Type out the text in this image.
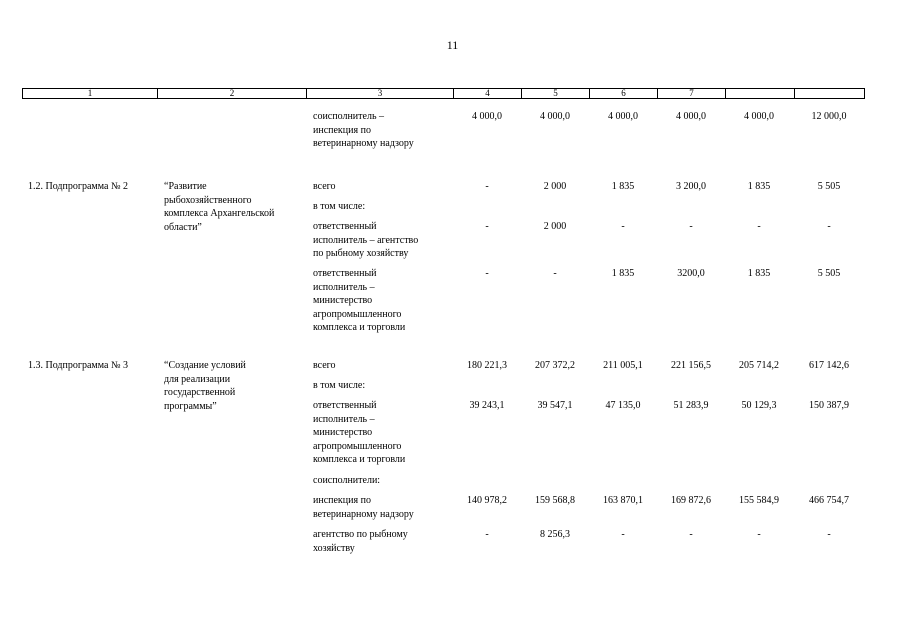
11
1	2	3	4	5	6	7		
соисполнитель –
инспекция по
ветеринарному надзору
4 000,0	4 000,0	4 000,0	4 000,0	4 000,0	12 000,0
1.2. Подпрограмма № 2	“Развитие
рыбохозяйственного
комплекса Архангельской
области”
всего	-	2 000	1 835	3 200,0	1 835	5 505
в том числе:
ответственный
исполнитель – агентство
по рыбному хозяйству
-	2 000	-	-	-	-
ответственный
исполнитель –
министерство
агропромышленного
комплекса и торговли
-	-	1 835	3200,0	1 835	5 505
1.3. Подпрограмма № 3	“Создание условий
для реализации
государственной
программы”
всего	180 221,3	207 372,2	211 005,1	221 156,5	205 714,2	617 142,6
в том числе:
ответственный
исполнитель –
министерство
агропромышленного
комплекса и торговли
39 243,1	39 547,1	47 135,0	51 283,9	50 129,3	150 387,9
соисполнители:
инспекция по
ветеринарному надзору
140 978,2	159 568,8	163 870,1	169 872,6	155 584,9	466 754,7
агентство по рыбному
хозяйству
-	8 256,3	-	-	-	-
